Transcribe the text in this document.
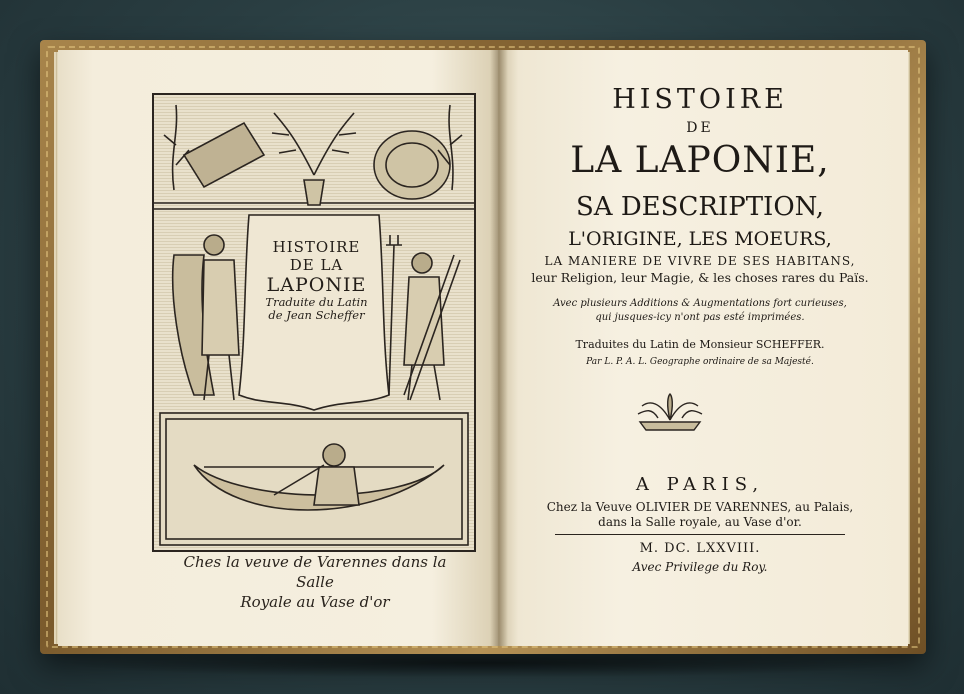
HISTOIRE
DE LA
LAPONIE
Traduite du Latin
de Jean Scheffer
Ches la veuve de Varennes dans la Salle
Royale au Vase d'or
HISTOIRE
DE
LA LAPONIE,
SA DESCRIPTION,
L'ORIGINE, LES MOEURS,
LA MANIERE DE VIVRE DE SES HABITANS,
leur Religion, leur Magie, & les choses rares du Païs.
Avec plusieurs Additions & Augmentations fort curieuses,
qui jusques-icy n'ont pas esté imprimées.
Traduites du Latin de Monsieur SCHEFFER.
Par L. P. A. L. Geographe ordinaire de sa Majesté.
A PARIS,
Chez la Veuve OLIVIER DE VARENNES, au Palais,
dans la Salle royale, au Vase d'or.
M. DC. LXXVIII.
Avec Privilege du Roy.
